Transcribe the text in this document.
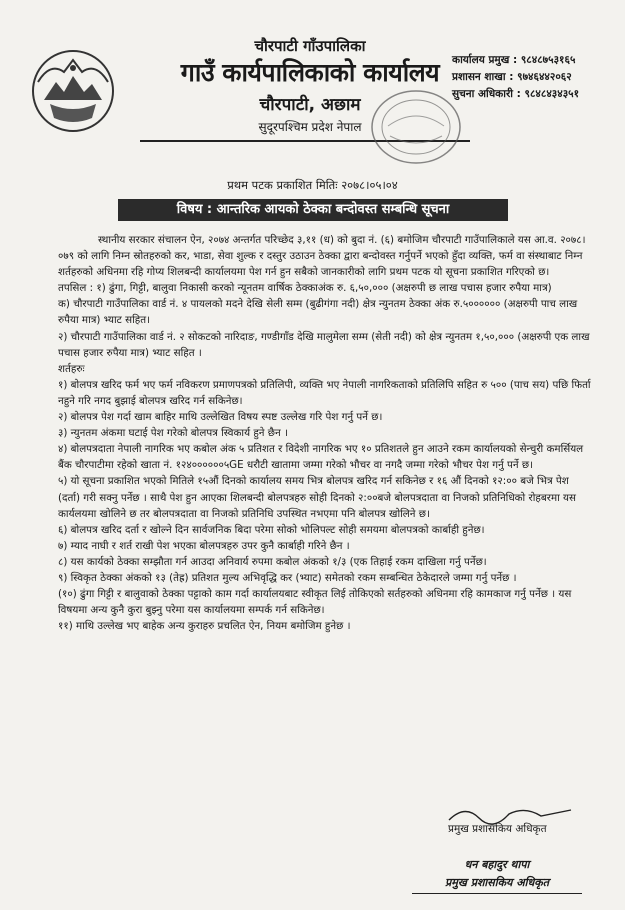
चौरपाटी गाँउपालिका
गाउँ कार्यपालिकाको कार्यालय
चौरपाटी, अछाम
सुदूरपश्चिम प्रदेश नेपाल
कार्यालय प्रमुख : ९८४८७५३१६५
प्रशासन शाखा : ९७४६४४२०६२
सुचना अधिकारी : ९८४८४३४३५१
प्रथम पटक प्रकाशित मितिः २०७८।०५।०४
विषय : आन्तरिक आयको ठेक्का बन्दोवस्त सम्बन्धि सूचना

स्थानीय सरकार संचालन ऐन, २०७४ अन्तर्गत परिच्छेद ३,११ (ध) को बुदा नं. (६) बमोजिम चौरपाटी गाउँपालिकाले यस आ.व. २०७८।०७९ को लागि निम्न स्रोतहरुको कर, भाडा, सेवा शुल्क र दस्तुर उठाउन ठेक्का द्वारा बन्दोवस्त गर्नुपर्ने भएको हुँदा व्यक्ति, फर्म वा संस्थाबाट निम्न शर्तहरुको अधिनमा रहि गोप्य शिलबन्दी कार्यालयमा पेश गर्न हुन सबैको जानकारीको लागि प्रथम पटक यो सूचना प्रकाशित गरिएको छ।

तपसिल : १) ढुंगा, गिट्टी, बालुवा निकासी करको न्यूनतम वार्षिक ठेक्काअंक रु. ६,५०,००० (अक्षरुपी छ लाख पचास हजार रुपैया मात्र)

क) चौरपाटी गाउँपालिका वार्ड नं. ४ पायलको मदने देखि सेली सम्म (बुढीगंगा नदी) क्षेत्र न्युनतम ठेक्का अंक रु.५०००००० (अक्षरुपी पाच लाख रुपैया मात्र) भ्याट सहित।

२) चौरपाटी गाउँपालिका वार्ड नं. २ सोकटको नारिदाङ, गण्डीगाँड देखि मालुमेला सम्म (सेती नदी) को क्षेत्र न्युनतम १,५०,००० (अक्षरुपी एक लाख पचास हजार रुपैया मात्र) भ्याट सहित ।

शर्तहरुः

१) बोलपत्र खरिद फर्म भए फर्म नविकरण प्रमाणपत्रको प्रतिलिपी, व्यक्ति भए नेपाली नागरिकताको प्रतिलिपि सहित रु ५०० (पाच सय) पछि फिर्ता नहुने गरि नगद बुझाई बोलपत्र खरिद गर्न सकिनेछ।

२) बोलपत्र पेश गर्दा खाम बाहिर माथि उल्लेखित विषय स्पष्ट उल्लेख गरि पेश गर्नु पर्ने छ।

३) न्युनतम अंकमा घटाई पेश गरेको बोलपत्र स्विकार्य हुने छैन ।

४) बोलपत्रदाता नेपाली नागरिक भए कबोल अंक ५ प्रतिशत र विदेशी नागरिक भए १० प्रतिशतले हुन आउने रकम कार्यालयको सेन्चुरी कमर्सियल बैंक चौरपाटीमा रहेको खाता नं. १२४००००००५GE धरौटी खातामा जम्मा गरेको भौचर वा नगदै जम्मा गरेको भौचर पेश गर्नु पर्ने छ।

५) यो सूचना प्रकाशित भएको मितिले १५औं दिनको कार्यालय समय भित्र बोलपत्र खरिद गर्न सकिनेछ र १६ औं दिनको १२:०० बजे भित्र पेश (दर्ता) गरी सक्नु पर्नेछ । साथै पेश हुन आएका शिलबन्दी बोलपत्रहरु सोही दिनको २:००बजे बोलपत्रदाता वा निजको प्रतिनिधिको रोहबरमा यस कार्यलयमा खोलिने छ तर बोलपत्रदाता वा निजको प्रतिनिधि उपस्थित नभएमा पनि बोलपत्र खोलिने छ।

६) बोलपत्र खरिद दर्ता र खोल्ने दिन सार्वजनिक बिदा परेमा सोको भोलिपल्ट सोही समयमा बोलपत्रको कार्बाही हुनेछ।

७) म्याद नाघी र शर्त राखी पेश भएका बोलपत्रहरु उपर कुनै कार्बाही गरिने छैन ।

८) यस कार्यको ठेक्का सम्झौता गर्न आउदा अनिवार्य रुपमा कबोल अंकको १/३ (एक तिहाई रकम दाखिला गर्नु पर्नेछ।

९) स्विकृत ठेक्का अंकको १३ (तेह्र) प्रतिशत मुल्य अभिवृद्धि कर (भ्याट) समेतको रकम सम्बन्धित ठेकेदारले जम्मा गर्नु पर्नेछ ।

(१०) ढुंगा गिट्टी र बालुवाको ठेक्का पट्टाको काम गर्दा कार्यालयबाट स्वीकृत लिई तोकिएको सर्तहरुको अधिनमा रहि कामकाज गर्नु पर्नेछ । यस विषयमा अन्य कुनै कुरा बुझ्नु परेमा यस कार्यालयमा सम्पर्क गर्न सकिनेछ।

११) माथि उल्लेख भए बाहेक अन्य कुराहरु प्रचलित ऐन, नियम बमोजिम हुनेछ ।

प्रमुख प्रशासकिय अधिकृत
धन बहादुर थापा
प्रमुख प्रशासकिय अधिकृत
